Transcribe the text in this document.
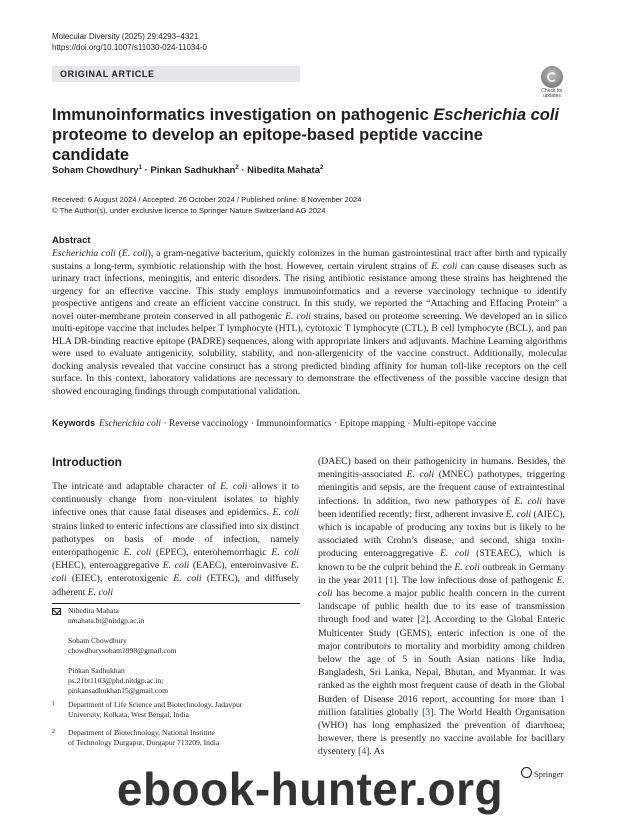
Molecular Diversity (2025) 29:4293–4321
https://doi.org/10.1007/s11030-024-11034-0
ORIGINAL ARTICLE
Check for updates
Immunoinformatics investigation on pathogenic Escherichia coli proteome to develop an epitope-based peptide vaccine candidate
Soham Chowdhury$^1$ · Pinkan Sadhukhan$^2$ · Nibedita Mahata$^2$
Received: 6 August 2024 / Accepted: 26 October 2024 / Published online: 8 November 2024
© The Author(s), under exclusive licence to Springer Nature Switzerland AG 2024
Abstract

Escherichia coli (E. coli), a gram-negative bacterium, quickly colonizes in the human gastrointestinal tract after birth and typically sustains a long-term, symbiotic relationship with the host. However, certain virulent strains of E. coli can cause diseases such as urinary tract infections, meningitis, and enteric disorders. The rising antibiotic resistance among these strains has heightened the urgency for an effective vaccine. This study employs immunoinformatics and a reverse vaccinology technique to identify prospective antigens and create an efficient vaccine construct. In this study, we reported the “Attaching and Effacing Protein” a novel outer-membrane protein conserved in all pathogenic E. coli strains, based on proteome screening. We developed an in silico multi-epitope vaccine that includes helper T lymphocyte (HTL), cytotoxic T lymphocyte (CTL), B cell lymphocyte (BCL), and pan HLA DR-binding reactive epitope (PADRE) sequences, along with appropriate linkers and adjuvants. Machine Learning algorithms were used to evaluate antigenicity, solubility, stability, and non-allergenicity of the vaccine construct. Additionally, molecular docking analysis revealed that vaccine construct has a strong predicted binding affinity for human toll-like receptors on the cell surface. In this context, laboratory validations are necessary to demonstrate the effectiveness of the possible vaccine design that showed encouraging findings through computational validation.

Keywords Escherichia coli · Reverse vaccinology · Immunoinformatics · Epitope mapping · Multi-epitope vaccine
Introduction

The intricate and adaptable character of E. coli allows it to continuously change from non-virulent isolates to highly infective ones that cause fatal diseases and epidemics. E. coli strains linked to enteric infections are classified into six distinct pathotypes on basis of mode of infection, namely enteropathogenic E. coli (EPEC), enterohemorrhagic E. coli (EHEC), enteroaggregative E. coli (EAEC), enteroinvasive E. coli (EIEC), enterotoxigenic E. coli (ETEC), and diffusely adherent E. coli

(DAEC) based on their pathogenicity in humans. Besides, the meningitis-associated E. coli (MNEC) pathotypes, triggering meningitis and sepsis, are the frequent cause of extraintestinal infections. In addition, two new pathotypes of E. coli have been identified recently; first, adherent invasive E. coli (AIEC), which is incapable of producing any toxins but is likely to be associated with Crohn’s disease, and second, shiga toxin-producing enteroaggregative E. coli (STEAEC), which is known to be the culprit behind the E. coli outbreak in Germany in the year 2011 [1]. The low infectious dose of pathogenic E. coli has become a major public health concern in the current landscape of public health due to its ease of transmission through food and water [2]. According to the Global Enteric Multicenter Study (GEMS), enteric infection is one of the major contributors to mortality and morbidity among children below the age of 5 in South Asian nations like India, Bangladesh, Sri Lanka, Nepal, Bhutan, and Myanmar. It was ranked as the eighth most frequent cause of death in the Global Burden of Disease 2016 report, accounting for more than 1 million fatalities globally [3]. The World Health Organisation (WHO) has long emphasized the prevention of diarrhoea; however, there is presently no vaccine available for bacillary dysentery [4]. As

Nibedita Mahata
nmahata.bt@nitdgp.ac.in
Soham Chowdhury
chowdhurysoham1998@gmail.com
Pinkan Sadhukhan
ps.21bt1103@phd.nitdgp.ac.in;
pinkansadhukhan15@gmail.com
1 Department of Life Science and Biotechnology, Jadavpur
University, Kolkata, West Bengal, India
2 Department of Biotechnology, National Institute
of Technology Durgapur, Durgapur 713209, India
Springer
ebook-hunter.org
